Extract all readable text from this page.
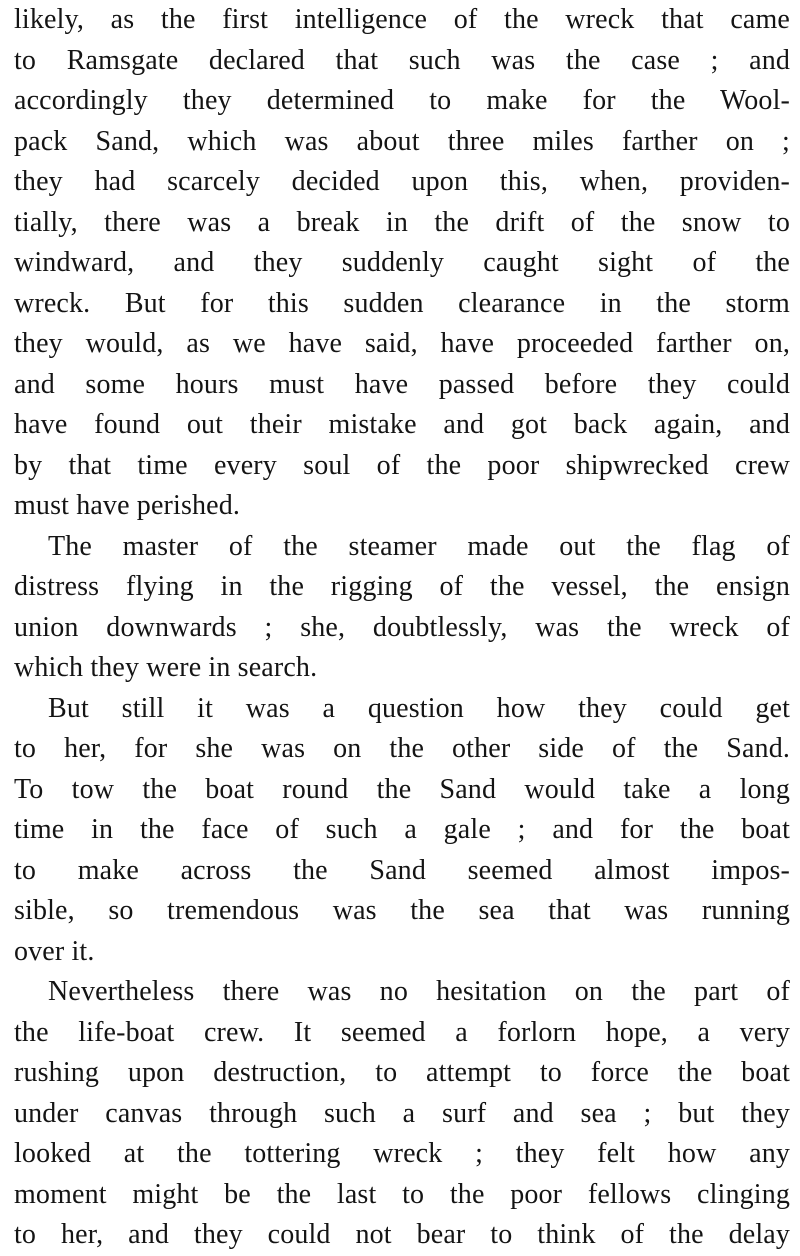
likely, as the first intelligence of the wreck that came
to Ramsgate declared that such was the case ; and
accordingly they determined to make for the Wool-
pack Sand, which was about three miles farther on ;
they had scarcely decided upon this, when, providen-
tially, there was a break in the drift of the snow to
windward, and they suddenly caught sight of the
wreck. But for this sudden clearance in the storm
they would, as we have said, have proceeded farther on,
and some hours must have passed before they could
have found out their mistake and got back again, and
by that time every soul of the poor shipwrecked crew
must have perished.
The master of the steamer made out the flag of
distress flying in the rigging of the vessel, the ensign
union downwards ; she, doubtlessly, was the wreck of
which they were in search.
But still it was a question how they could get
to her, for she was on the other side of the Sand.
To tow the boat round the Sand would take a long
time in the face of such a gale ; and for the boat
to make across the Sand seemed almost impos-
sible, so tremendous was the sea that was running
over it.
Nevertheless there was no hesitation on the part of
the life-boat crew. It seemed a forlorn hope, a very
rushing upon destruction, to attempt to force the boat
under canvas through such a surf and sea ; but they
looked at the tottering wreck ; they felt how any
moment might be the last to the poor fellows clinging
to her, and they could not bear to think of the delay
